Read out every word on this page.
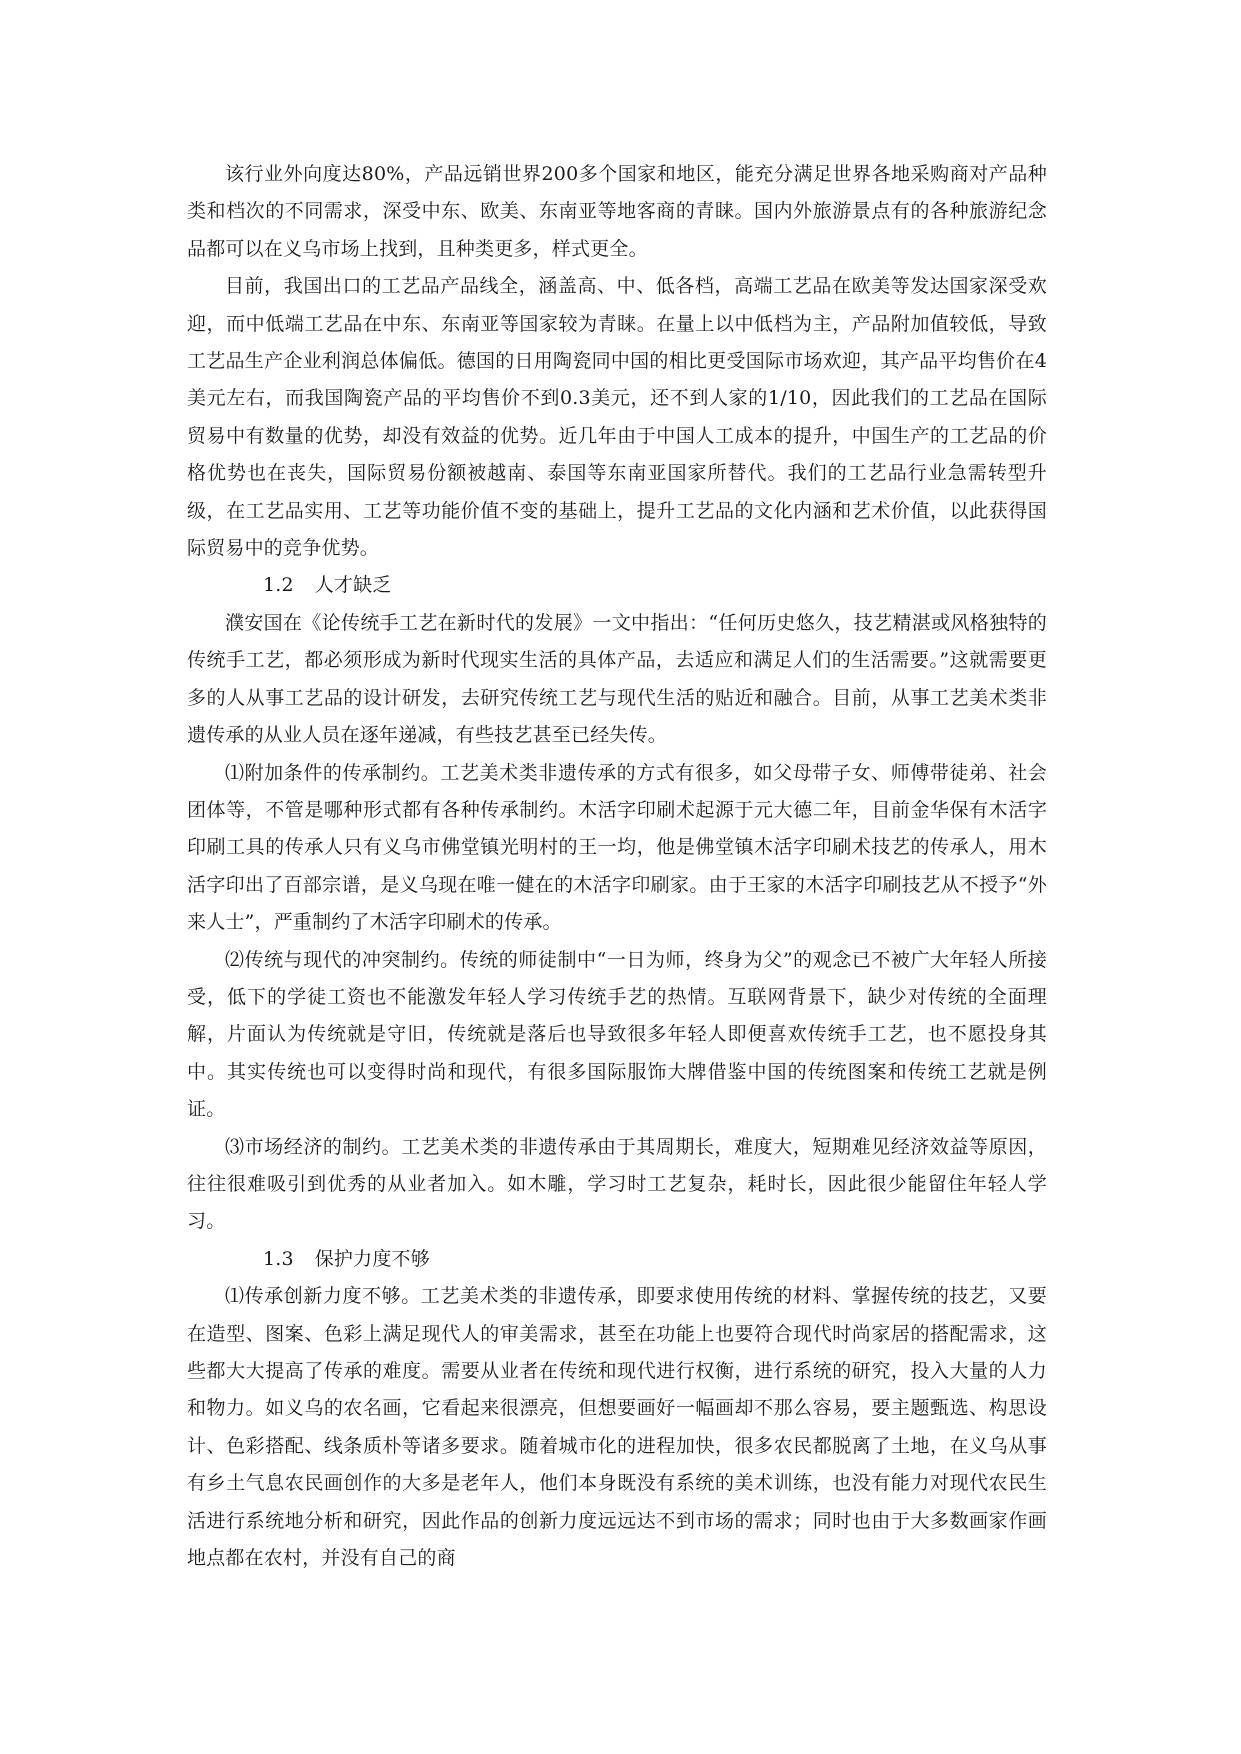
该行业外向度达80%，产品远销世界200多个国家和地区，能充分满足世界各地采购商对产品种类和档次的不同需求，深受中东、欧美、东南亚等地客商的青睐。国内外旅游景点有的各种旅游纪念品都可以在义乌市场上找到，且种类更多，样式更全。

目前，我国出口的工艺品产品线全，涵盖高、中、低各档，高端工艺品在欧美等发达国家深受欢迎，而中低端工艺品在中东、东南亚等国家较为青睐。在量上以中低档为主，产品附加值较低，导致工艺品生产企业利润总体偏低。德国的日用陶瓷同中国的相比更受国际市场欢迎，其产品平均售价在4美元左右，而我国陶瓷产品的平均售价不到0.3美元，还不到人家的1/10，因此我们的工艺品在国际贸易中有数量的优势，却没有效益的优势。近几年由于中国人工成本的提升，中国生产的工艺品的价格优势也在丧失，国际贸易份额被越南、泰国等东南亚国家所替代。我们的工艺品行业急需转型升级，在工艺品实用、工艺等功能价值不变的基础上，提升工艺品的文化内涵和艺术价值，以此获得国际贸易中的竞争优势。

1.2 人才缺乏

濮安国在《论传统手工艺在新时代的发展》一文中指出：“任何历史悠久，技艺精湛或风格独特的传统手工艺，都必须形成为新时代现实生活的具体产品，去适应和满足人们的生活需要。”这就需要更多的人从事工艺品的设计研发，去研究传统工艺与现代生活的贴近和融合。目前，从事工艺美术类非遗传承的从业人员在逐年递减，有些技艺甚至已经失传。

⑴附加条件的传承制约。工艺美术类非遗传承的方式有很多，如父母带子女、师傅带徒弟、社会团体等，不管是哪种形式都有各种传承制约。木活字印刷术起源于元大德二年，目前金华保有木活字印刷工具的传承人只有义乌市佛堂镇光明村的王一均，他是佛堂镇木活字印刷术技艺的传承人，用木活字印出了百部宗谱，是义乌现在唯一健在的木活字印刷家。由于王家的木活字印刷技艺从不授予“外来人士”，严重制约了木活字印刷术的传承。

⑵传统与现代的冲突制约。传统的师徒制中“一日为师，终身为父”的观念已不被广大年轻人所接受，低下的学徒工资也不能激发年轻人学习传统手艺的热情。互联网背景下，缺少对传统的全面理解，片面认为传统就是守旧，传统就是落后也导致很多年轻人即便喜欢传统手工艺，也不愿投身其中。其实传统也可以变得时尚和现代，有很多国际服饰大牌借鉴中国的传统图案和传统工艺就是例证。

⑶市场经济的制约。工艺美术类的非遗传承由于其周期长，难度大，短期难见经济效益等原因，往往很难吸引到优秀的从业者加入。如木雕，学习时工艺复杂，耗时长，因此很少能留住年轻人学习。

1.3 保护力度不够

⑴传承创新力度不够。工艺美术类的非遗传承，即要求使用传统的材料、掌握传统的技艺，又要在造型、图案、色彩上满足现代人的审美需求，甚至在功能上也要符合现代时尚家居的搭配需求，这些都大大提高了传承的难度。需要从业者在传统和现代进行权衡，进行系统的研究，投入大量的人力和物力。如义乌的农名画，它看起来很漂亮，但想要画好一幅画却不那么容易，要主题甄选、构思设计、色彩搭配、线条质朴等诸多要求。随着城市化的进程加快，很多农民都脱离了土地，在义乌从事有乡土气息农民画创作的大多是老年人，他们本身既没有系统的美术训练，也没有能力对现代农民生活进行系统地分析和研究，因此作品的创新力度远远达不到市场的需求；同时也由于大多数画家作画地点都在农村，并没有自己的商
